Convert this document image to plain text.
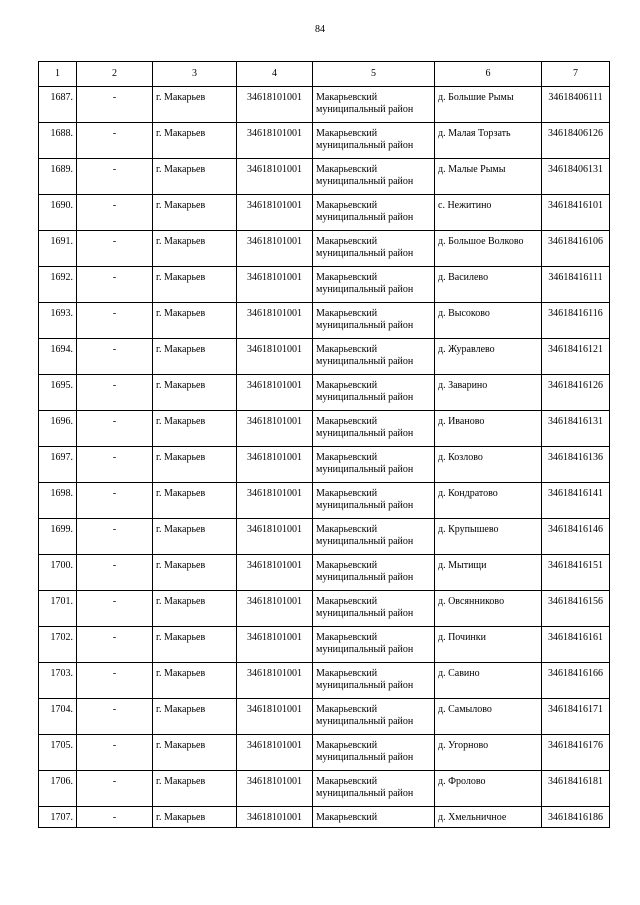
84
1	2	3	4	5	6	7
1687.	-	г. Макарьев	34618101001	Макарьевский муниципальный район	д. Большие Рымы	34618406111
1688.	-	г. Макарьев	34618101001	Макарьевский муниципальный район	д. Малая Торзать	34618406126
1689.	-	г. Макарьев	34618101001	Макарьевский муниципальный район	д. Малые Рымы	34618406131
1690.	-	г. Макарьев	34618101001	Макарьевский муниципальный район	с. Нежитино	34618416101
1691.	-	г. Макарьев	34618101001	Макарьевский муниципальный район	д. Большое Волково	34618416106
1692.	-	г. Макарьев	34618101001	Макарьевский муниципальный район	д. Василево	34618416111
1693.	-	г. Макарьев	34618101001	Макарьевский муниципальный район	д. Высоково	34618416116
1694.	-	г. Макарьев	34618101001	Макарьевский муниципальный район	д. Журавлево	34618416121
1695.	-	г. Макарьев	34618101001	Макарьевский муниципальный район	д. Заварино	34618416126
1696.	-	г. Макарьев	34618101001	Макарьевский муниципальный район	д. Иваново	34618416131
1697.	-	г. Макарьев	34618101001	Макарьевский муниципальный район	д. Козлово	34618416136
1698.	-	г. Макарьев	34618101001	Макарьевский муниципальный район	д. Кондратово	34618416141
1699.	-	г. Макарьев	34618101001	Макарьевский муниципальный район	д. Крупышево	34618416146
1700.	-	г. Макарьев	34618101001	Макарьевский муниципальный район	д. Мытищи	34618416151
1701.	-	г. Макарьев	34618101001	Макарьевский муниципальный район	д. Овсянниково	34618416156
1702.	-	г. Макарьев	34618101001	Макарьевский муниципальный район	д. Починки	34618416161
1703.	-	г. Макарьев	34618101001	Макарьевский муниципальный район	д. Савино	34618416166
1704.	-	г. Макарьев	34618101001	Макарьевский муниципальный район	д. Самылово	34618416171
1705.	-	г. Макарьев	34618101001	Макарьевский муниципальный район	д. Угорново	34618416176
1706.	-	г. Макарьев	34618101001	Макарьевский муниципальный район	д. Фролово	34618416181
1707.	-	г. Макарьев	34618101001	Макарьевский	д. Хмельничное	34618416186
